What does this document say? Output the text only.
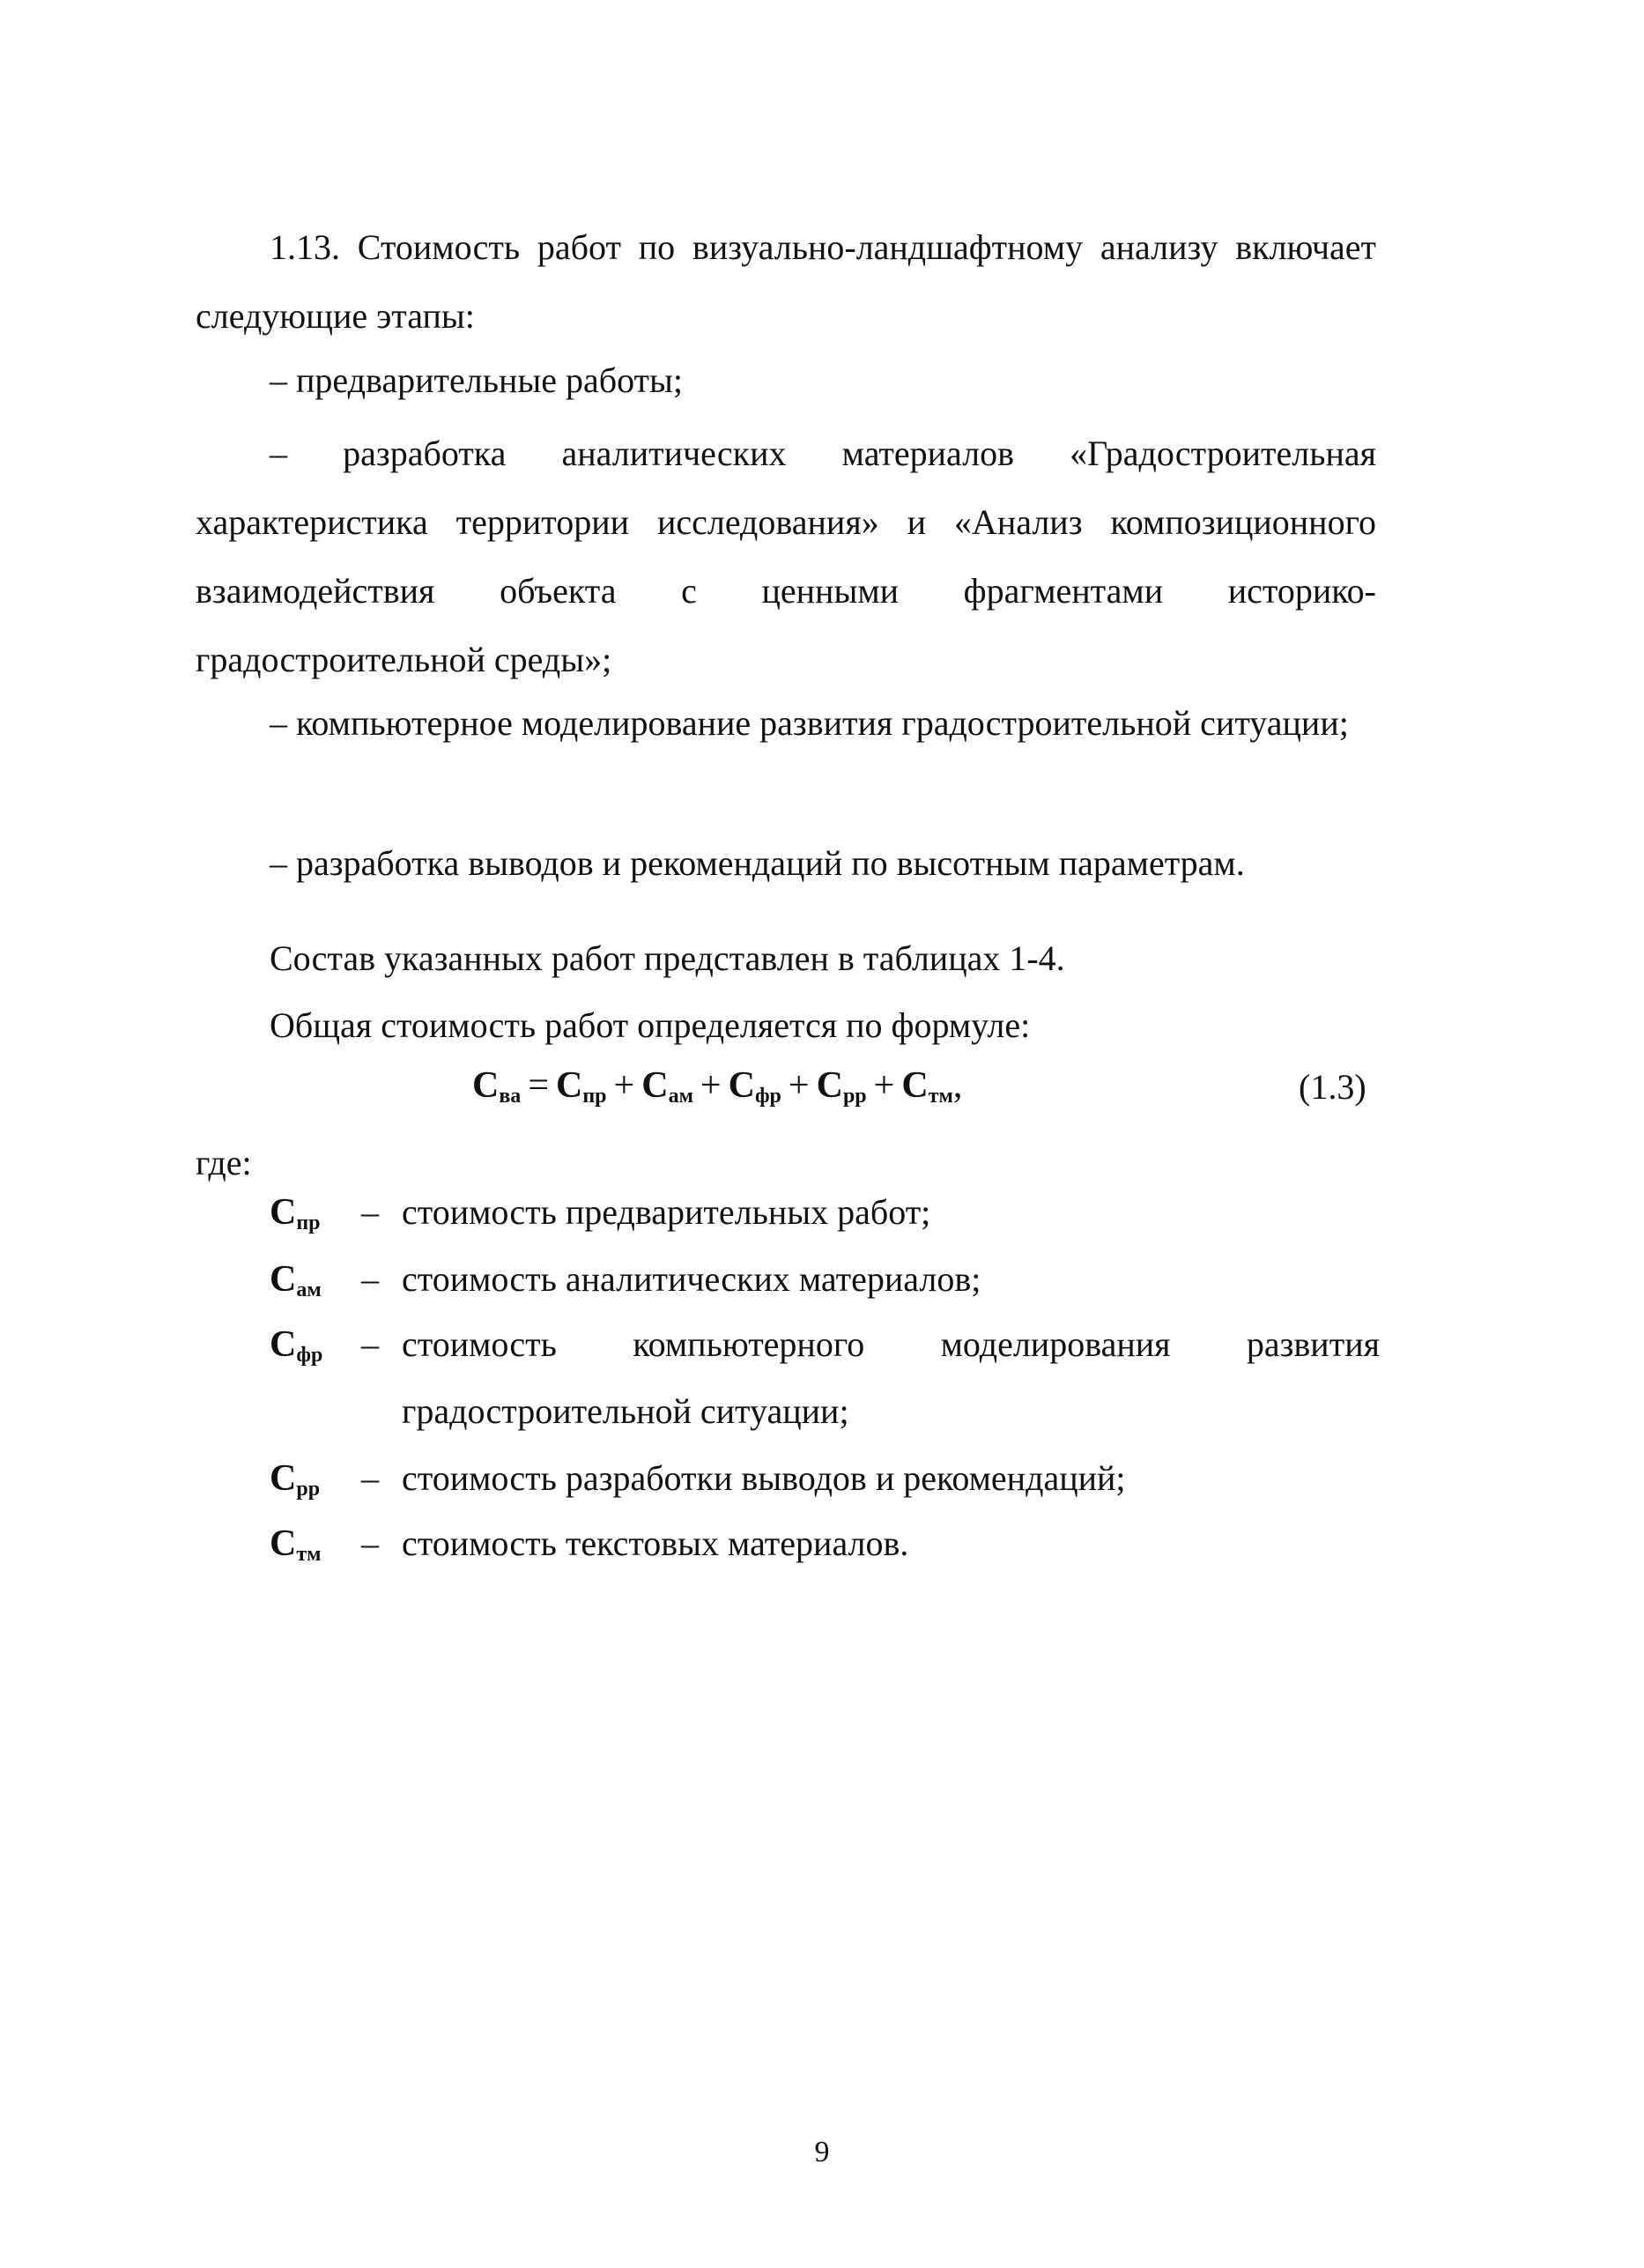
1.13. Стоимость работ по визуально-ландшафтному анализу включает следующие этапы:

– предварительные работы;

– разработка аналитических материалов «Градостроительная характеристика территории исследования» и «Анализ композиционного взаимодействия объекта с ценными фрагментами историко-градостроительной среды»;

– компьютерное моделирование развития градостроительной ситуации;

– разработка выводов и рекомендаций по высотным параметрам.

Состав указанных работ представлен в таблицах 1-4.

Общая стоимость работ определяется по формуле:

$С_{ва} = С_{пр} + С_{ам} + С_{фр} + С_{рр} + С_{тм}$,	(1.3)
где:
$С_{пр}$ – стоимость предварительных работ;
$С_{ам}$ – стоимость аналитических материалов;
$С_{фр}$ – стоимость компьютерного моделирования развития градостроительной ситуации;
$С_{рр}$ – стоимость разработки выводов и рекомендаций;
$С_{тм}$ – стоимость текстовых материалов.
9
